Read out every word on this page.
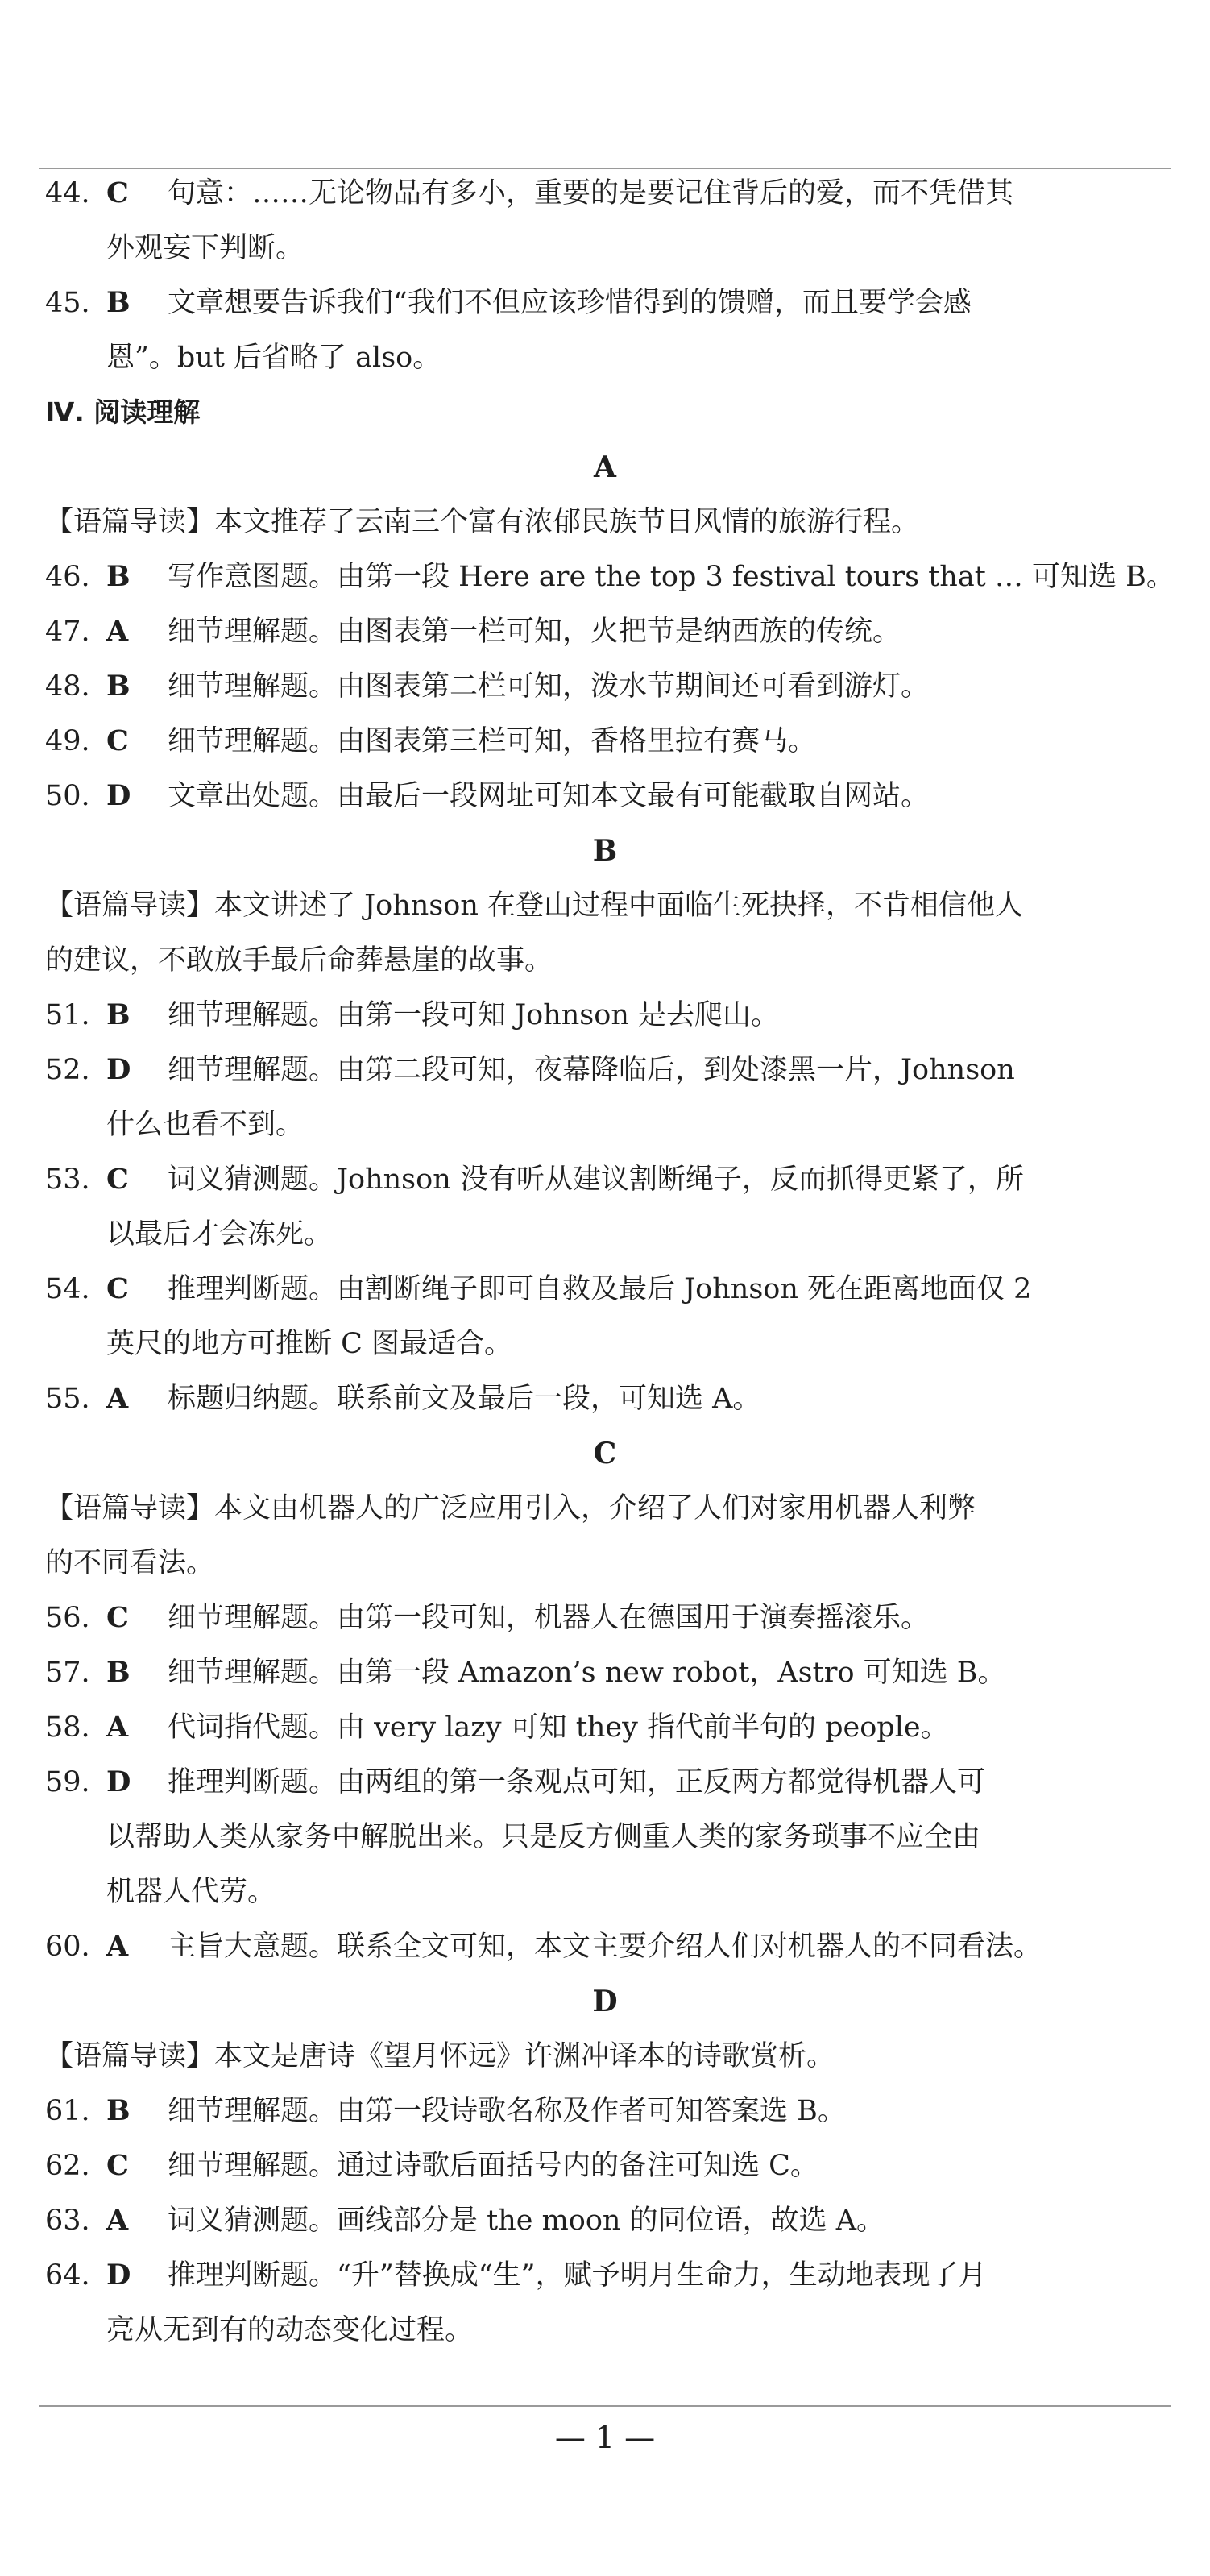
44. C 句意：……无论物品有多小，重要的是要记住背后的爱，而不凭借其
外观妄下判断。
45. B 文章想要告诉我们“我们不但应该珍惜得到的馈赠，而且要学会感
恩”。but 后省略了 also。
Ⅳ. 阅读理解
A
【语篇导读】本文推荐了云南三个富有浓郁民族节日风情的旅游行程。
46. B 写作意图题。由第一段 Here are the top 3 festival tours that … 可知选 B。
47. A 细节理解题。由图表第一栏可知，火把节是纳西族的传统。
48. B 细节理解题。由图表第二栏可知，泼水节期间还可看到游灯。
49. C 细节理解题。由图表第三栏可知，香格里拉有赛马。
50. D 文章出处题。由最后一段网址可知本文最有可能截取自网站。
B
【语篇导读】本文讲述了 Johnson 在登山过程中面临生死抉择，不肯相信他人
的建议，不敢放手最后命葬悬崖的故事。
51. B 细节理解题。由第一段可知 Johnson 是去爬山。
52. D 细节理解题。由第二段可知，夜幕降临后，到处漆黑一片，Johnson
什么也看不到。
53. C 词义猜测题。Johnson 没有听从建议割断绳子，反而抓得更紧了，所
以最后才会冻死。
54. C 推理判断题。由割断绳子即可自救及最后 Johnson 死在距离地面仅 2
英尺的地方可推断 C 图最适合。
55. A 标题归纳题。联系前文及最后一段，可知选 A。
C
【语篇导读】本文由机器人的广泛应用引入，介绍了人们对家用机器人利弊
的不同看法。
56. C 细节理解题。由第一段可知，机器人在德国用于演奏摇滚乐。
57. B 细节理解题。由第一段 Amazon’s new robot，Astro 可知选 B。
58. A 代词指代题。由 very lazy 可知 they 指代前半句的 people。
59. D 推理判断题。由两组的第一条观点可知，正反两方都觉得机器人可
以帮助人类从家务中解脱出来。只是反方侧重人类的家务琐事不应全由
机器人代劳。
60. A 主旨大意题。联系全文可知，本文主要介绍人们对机器人的不同看法。
D
【语篇导读】本文是唐诗《望月怀远》许渊冲译本的诗歌赏析。
61. B 细节理解题。由第一段诗歌名称及作者可知答案选 B。
62. C 细节理解题。通过诗歌后面括号内的备注可知选 C。
63. A 词义猜测题。画线部分是 the moon 的同位语，故选 A。
64. D 推理判断题。“升”替换成“生”，赋予明月生命力，生动地表现了月
亮从无到有的动态变化过程。
— 1 —
